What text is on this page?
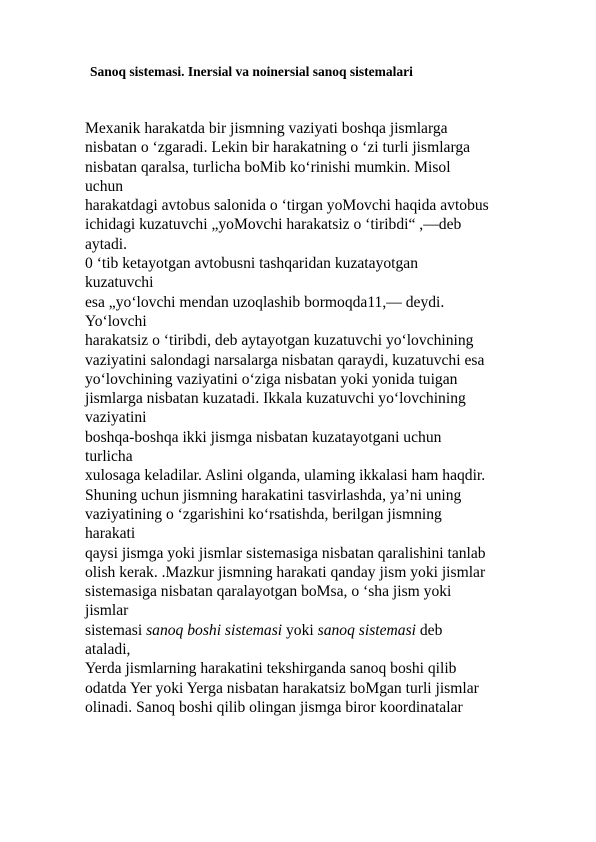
Sanoq sistemasi. Inersial va noinersial sanoq sistemalari
Mexanik harakatda bir jismning vaziyati boshqa jismlarga
nisbatan o ‘zgaradi. Lekin bir harakatning o ‘zi turli jismlarga
nisbatan qaralsa, turlicha boMib ko‘rinishi mumkin. Misol
uchun
harakatdagi avtobus salonida o ‘tirgan yoMovchi haqida avtobus
ichidagi kuzatuvchi „yoMovchi harakatsiz o ‘tiribdi“ ,—deb
aytadi.
0 ‘tib ketayotgan avtobusni tashqaridan kuzatayotgan
kuzatuvchi
esa „yo‘lovchi mendan uzoqlashib bormoqda11,— deydi.
Yo‘lovchi
harakatsiz o ‘tiribdi, deb aytayotgan kuzatuvchi yo‘lovchining
vaziyatini salondagi narsalarga nisbatan qaraydi, kuzatuvchi esa
yo‘lovchining vaziyatini o‘ziga nisbatan yoki yonida tuigan
jismlarga nisbatan kuzatadi. Ikkala kuzatuvchi yo‘lovchining
vaziyatini
boshqa-boshqa ikki jismga nisbatan kuzatayotgani uchun
turlicha
xulosaga keladilar. Aslini olganda, ulaming ikkalasi ham haqdir.
Shuning uchun jismning harakatini tasvirlashda, ya’ni uning
vaziyatining o ‘zgarishini ko‘rsatishda, berilgan jismning
harakati
qaysi jismga yoki jismlar sistemasiga nisbatan qaralishini tanlab
olish kerak. .Mazkur jismning harakati qanday jism yoki jismlar
sistemasiga nisbatan qaralayotgan boMsa, o ‘sha jism yoki
jismlar
sistemasi sanoq boshi sistemasi yoki sanoq sistemasi deb
ataladi,
Yerda jismlarning harakatini tekshirganda sanoq boshi qilib
odatda Yer yoki Yerga nisbatan harakatsiz boMgan turli jismlar
olinadi. Sanoq boshi qilib olingan jismga biror koordinatalar
